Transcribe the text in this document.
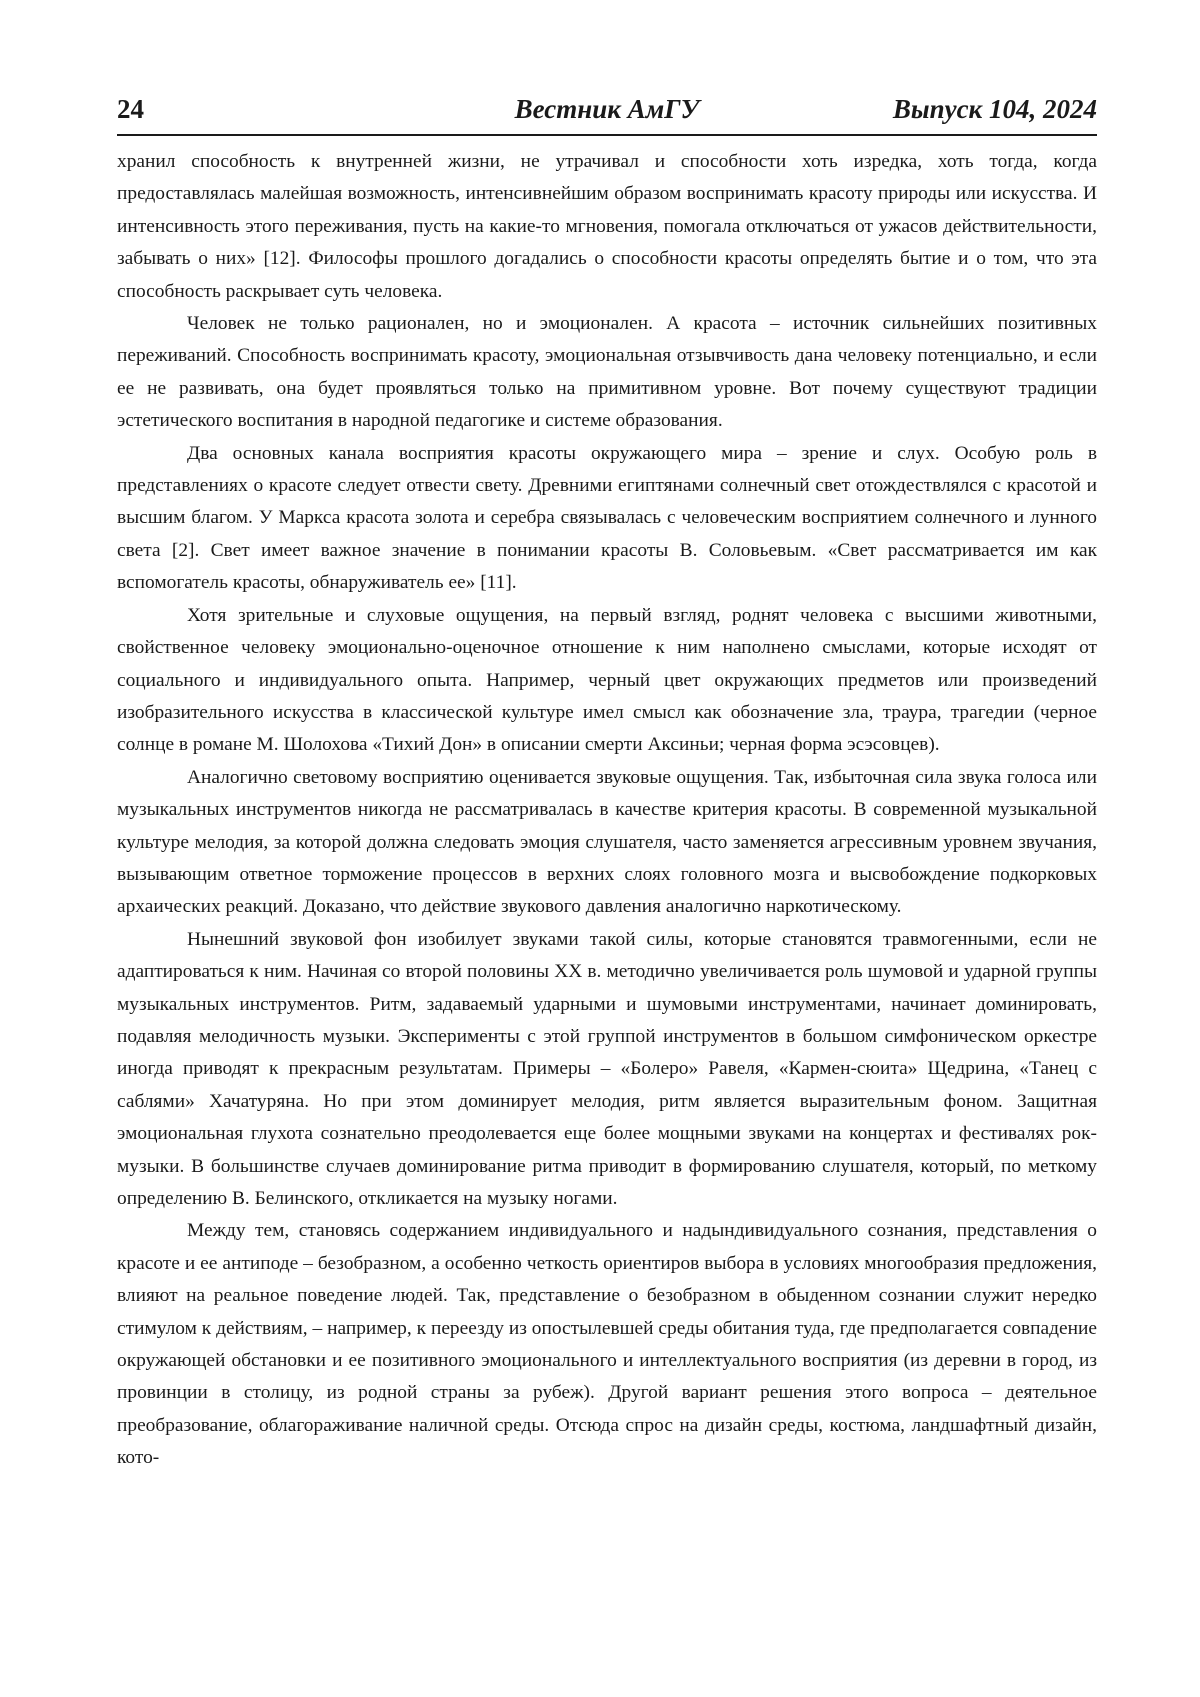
24	Вестник АмГУ	Выпуск 104, 2024

хранил способность к внутренней жизни, не утрачивал и способности хоть изредка, хоть тогда, когда предоставлялась малейшая возможность, интенсивнейшим образом воспринимать красоту природы или искусства. И интенсивность этого переживания, пусть на какие-то мгновения, помогала отключаться от ужасов действительности, забывать о них» [12]. Философы прошлого догадались о способности красоты определять бытие и о том, что эта способность раскрывает суть человека.

Человек не только рационален, но и эмоционален. А красота – источник сильнейших позитивных переживаний. Способность воспринимать красоту, эмоциональная отзывчивость дана человеку потенциально, и если ее не развивать, она будет проявляться только на примитивном уровне. Вот почему существуют традиции эстетического воспитания в народной педагогике и системе образования.

Два основных канала восприятия красоты окружающего мира – зрение и слух. Особую роль в представлениях о красоте следует отвести свету. Древними египтянами солнечный свет отождествлялся с красотой и высшим благом. У Маркса красота золота и серебра связывалась с человеческим восприятием солнечного и лунного света [2]. Свет имеет важное значение в понимании красоты В. Соловьевым. «Свет рассматривается им как вспомогатель красоты, обнаруживатель ее» [11].

Хотя зрительные и слуховые ощущения, на первый взгляд, роднят человека с высшими животными, свойственное человеку эмоционально-оценочное отношение к ним наполнено смыслами, которые исходят от социального и индивидуального опыта. Например, черный цвет окружающих предметов или произведений изобразительного искусства в классической культуре имел смысл как обозначение зла, траура, трагедии (черное солнце в романе М. Шолохова «Тихий Дон» в описании смерти Аксиньи; черная форма эсэсовцев).

Аналогично световому восприятию оценивается звуковые ощущения. Так, избыточная сила звука голоса или музыкальных инструментов никогда не рассматривалась в качестве критерия красоты. В современной музыкальной культуре мелодия, за которой должна следовать эмоция слушателя, часто заменяется агрессивным уровнем звучания, вызывающим ответное торможение процессов в верхних слоях головного мозга и высвобождение подкорковых архаических реакций. Доказано, что действие звукового давления аналогично наркотическому.

Нынешний звуковой фон изобилует звуками такой силы, которые становятся травмогенными, если не адаптироваться к ним. Начиная со второй половины XX в. методично увеличивается роль шумовой и ударной группы музыкальных инструментов. Ритм, задаваемый ударными и шумовыми инструментами, начинает доминировать, подавляя мелодичность музыки. Эксперименты с этой группой инструментов в большом симфоническом оркестре иногда приводят к прекрасным результатам. Примеры – «Болеро» Равеля, «Кармен-сюита» Щедрина, «Танец с саблями» Хачатуряна. Но при этом доминирует мелодия, ритм является выразительным фоном. Защитная эмоциональная глухота сознательно преодолевается еще более мощными звуками на концертах и фестивалях рок-музыки. В большинстве случаев доминирование ритма приводит в формированию слушателя, который, по меткому определению В. Белинского, откликается на музыку ногами.

Между тем, становясь содержанием индивидуального и надындивидуального сознания, представления о красоте и ее антиподе – безобразном, а особенно четкость ориентиров выбора в условиях многообразия предложения, влияют на реальное поведение людей. Так, представление о безобразном в обыденном сознании служит нередко стимулом к действиям, – например, к переезду из опостылевшей среды обитания туда, где предполагается совпадение окружающей обстановки и ее позитивного эмоционального и интеллектуального восприятия (из деревни в город, из провинции в столицу, из родной страны за рубеж). Другой вариант решения этого вопроса – деятельное преобразование, облагораживание наличной среды. Отсюда спрос на дизайн среды, костюма, ландшафтный дизайн, кото-
